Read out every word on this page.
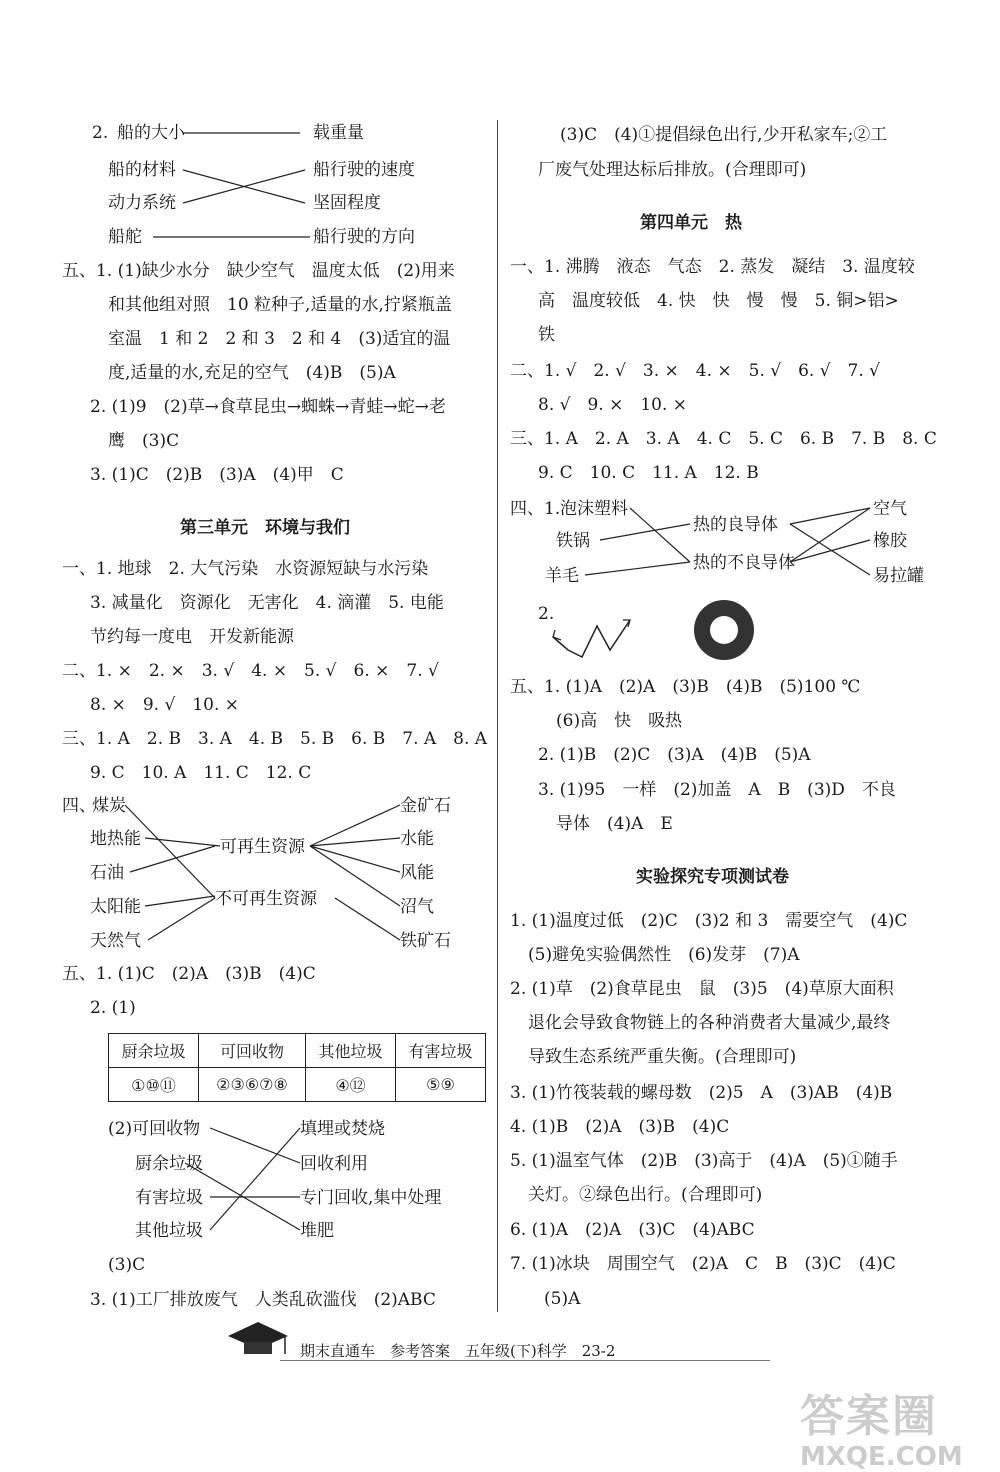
2. 船的大小
船的材料
动力系统
船舵
载重量
船行驶的速度
坚固程度
船行驶的方向
五、1. (1)缺少水分　缺少空气　温度太低　(2)用来
和其他组对照　10 粒种子,适量的水,拧紧瓶盖
室温　1 和 2　2 和 3　2 和 4　(3)适宜的温
度,适量的水,充足的空气　(4)B　(5)A
2. (1)9　(2)草→食草昆虫→蜘蛛→青蛙→蛇→老
鹰　(3)C
3. (1)C　(2)B　(3)A　(4)甲　C
第三单元　环境与我们
一、1. 地球　2. 大气污染　水资源短缺与水污染
3. 减量化　资源化　无害化　4. 滴灌　5. 电能
节约每一度电　开发新能源
二、1. ×　2. ×　3. √　4. ×　5. √　6. ×　7. √
8. ×　9. √　10. ×
三、1. A　2. B　3. A　4. B　5. B　6. B　7. A　8. A
9. C　10. A　11. C　12. C
四、
煤炭
地热能
石油
太阳能
天然气
可再生资源
不可再生资源
金矿石
水能
风能
沼气
铁矿石
五、1. (1)C　(2)A　(3)B　(4)C
2. (1)
厨余垃圾	可回收物	其他垃圾	有害垃圾
①⑩⑪	②③⑥⑦⑧	④⑫	⑤⑨
(2)可回收物
厨余垃圾
有害垃圾
其他垃圾
填埋或焚烧
回收利用
专门回收,集中处理
堆肥
(3)C
3. (1)工厂排放废气　人类乱砍滥伐　(2)ABC
(3)C　(4)①提倡绿色出行,少开私家车;②工
厂废气处理达标后排放。(合理即可)
第四单元　热
一、1. 沸腾　液态　气态　2. 蒸发　凝结　3. 温度较
高　温度较低　4. 快　快　慢　慢　5. 铜>铝>
铁
二、1. √　2. √　3. ×　4. ×　5. √　6. √　7. √
8. √　9. ×　10. ×
三、1. A　2. A　3. A　4. C　5. C　6. B　7. B　8. C
9. C　10. C　11. A　12. B
四、1. 泡沫塑料
铁锅
羊毛
热的良导体
热的不良导体
空气
橡胶
易拉罐
2.
五、1. (1)A　(2)A　(3)B　(4)B　(5)100 ℃
(6)高　快　吸热
2. (1)B　(2)C　(3)A　(4)B　(5)A
3. (1)95　一样　(2)加盖　A　B　(3)D　不良
导体　(4)A　E
实验探究专项测试卷
1. (1)温度过低　(2)C　(3)2 和 3　需要空气　(4)C
(5)避免实验偶然性　(6)发芽　(7)A
2. (1)草　(2)食草昆虫　鼠　(3)5　(4)草原大面积
退化会导致食物链上的各种消费者大量减少,最终
导致生态系统严重失衡。(合理即可)
3. (1)竹筏装载的螺母数　(2)5　A　(3)AB　(4)B
4. (1)B　(2)A　(3)B　(4)C
5. (1)温室气体　(2)B　(3)高于　(4)A　(5)①随手
关灯。②绿色出行。(合理即可)
6. (1)A　(2)A　(3)C　(4)ABC
7. (1)冰块　周围空气　(2)A　C　B　(3)C　(4)C
(5)A
期末直通车　参考答案　五年级(下)科学　23-2
答案圈
MXQE.COM
